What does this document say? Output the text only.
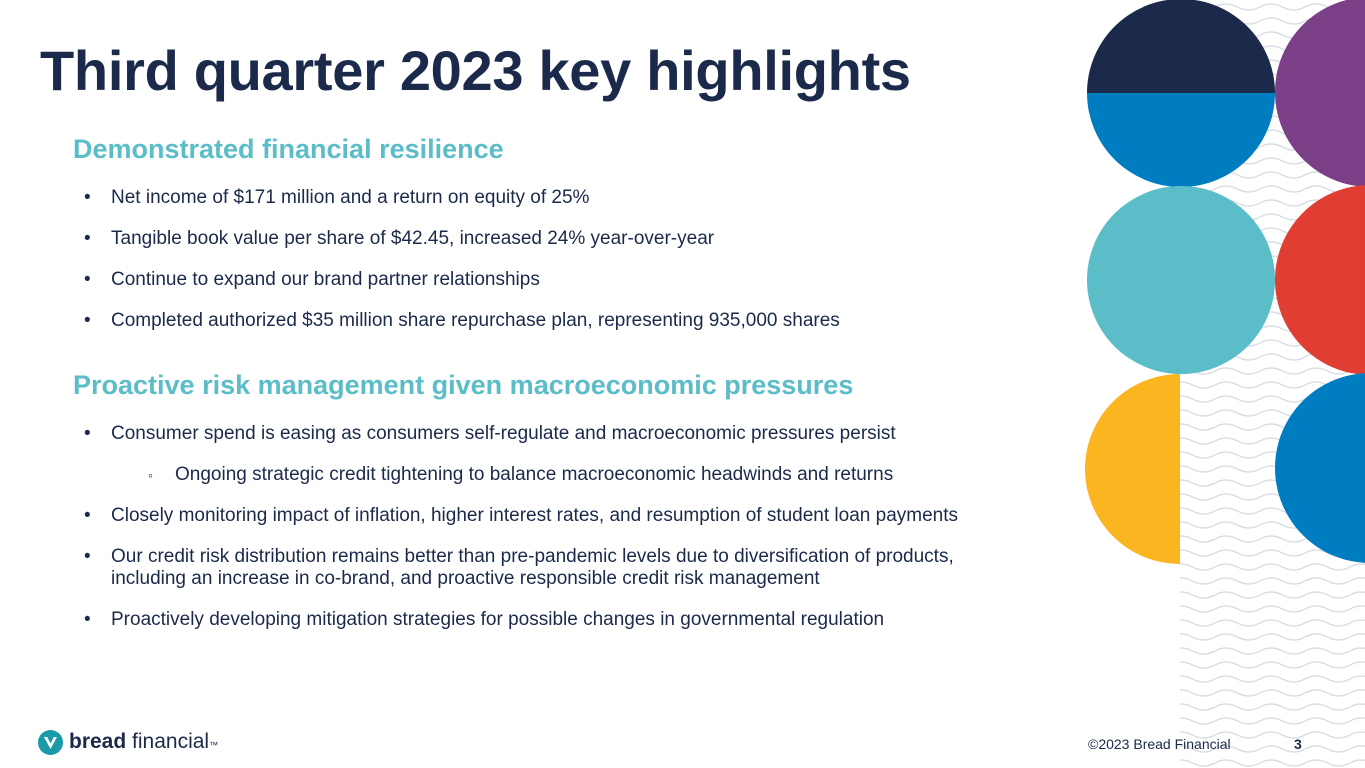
Third quarter 2023 key highlights
Demonstrated financial resilience
• Net income of $171 million and a return on equity of 25%
• Tangible book value per share of $42.45, increased 24% year-over-year
• Continue to expand our brand partner relationships
• Completed authorized $35 million share repurchase plan, representing 935,000 shares
Proactive risk management given macroeconomic pressures
• Consumer spend is easing as consumers self-regulate and macroeconomic pressures persist
◦ Ongoing strategic credit tightening to balance macroeconomic headwinds and returns
• Closely monitoring impact of inflation, higher interest rates, and resumption of student loan payments
• Our credit risk distribution remains better than pre-pandemic levels due to diversification of products, including an increase in co-brand, and proactive responsible credit risk management
• Proactively developing mitigation strategies for possible changes in governmental regulation
bread financial™	©2023 Bread Financial	3
